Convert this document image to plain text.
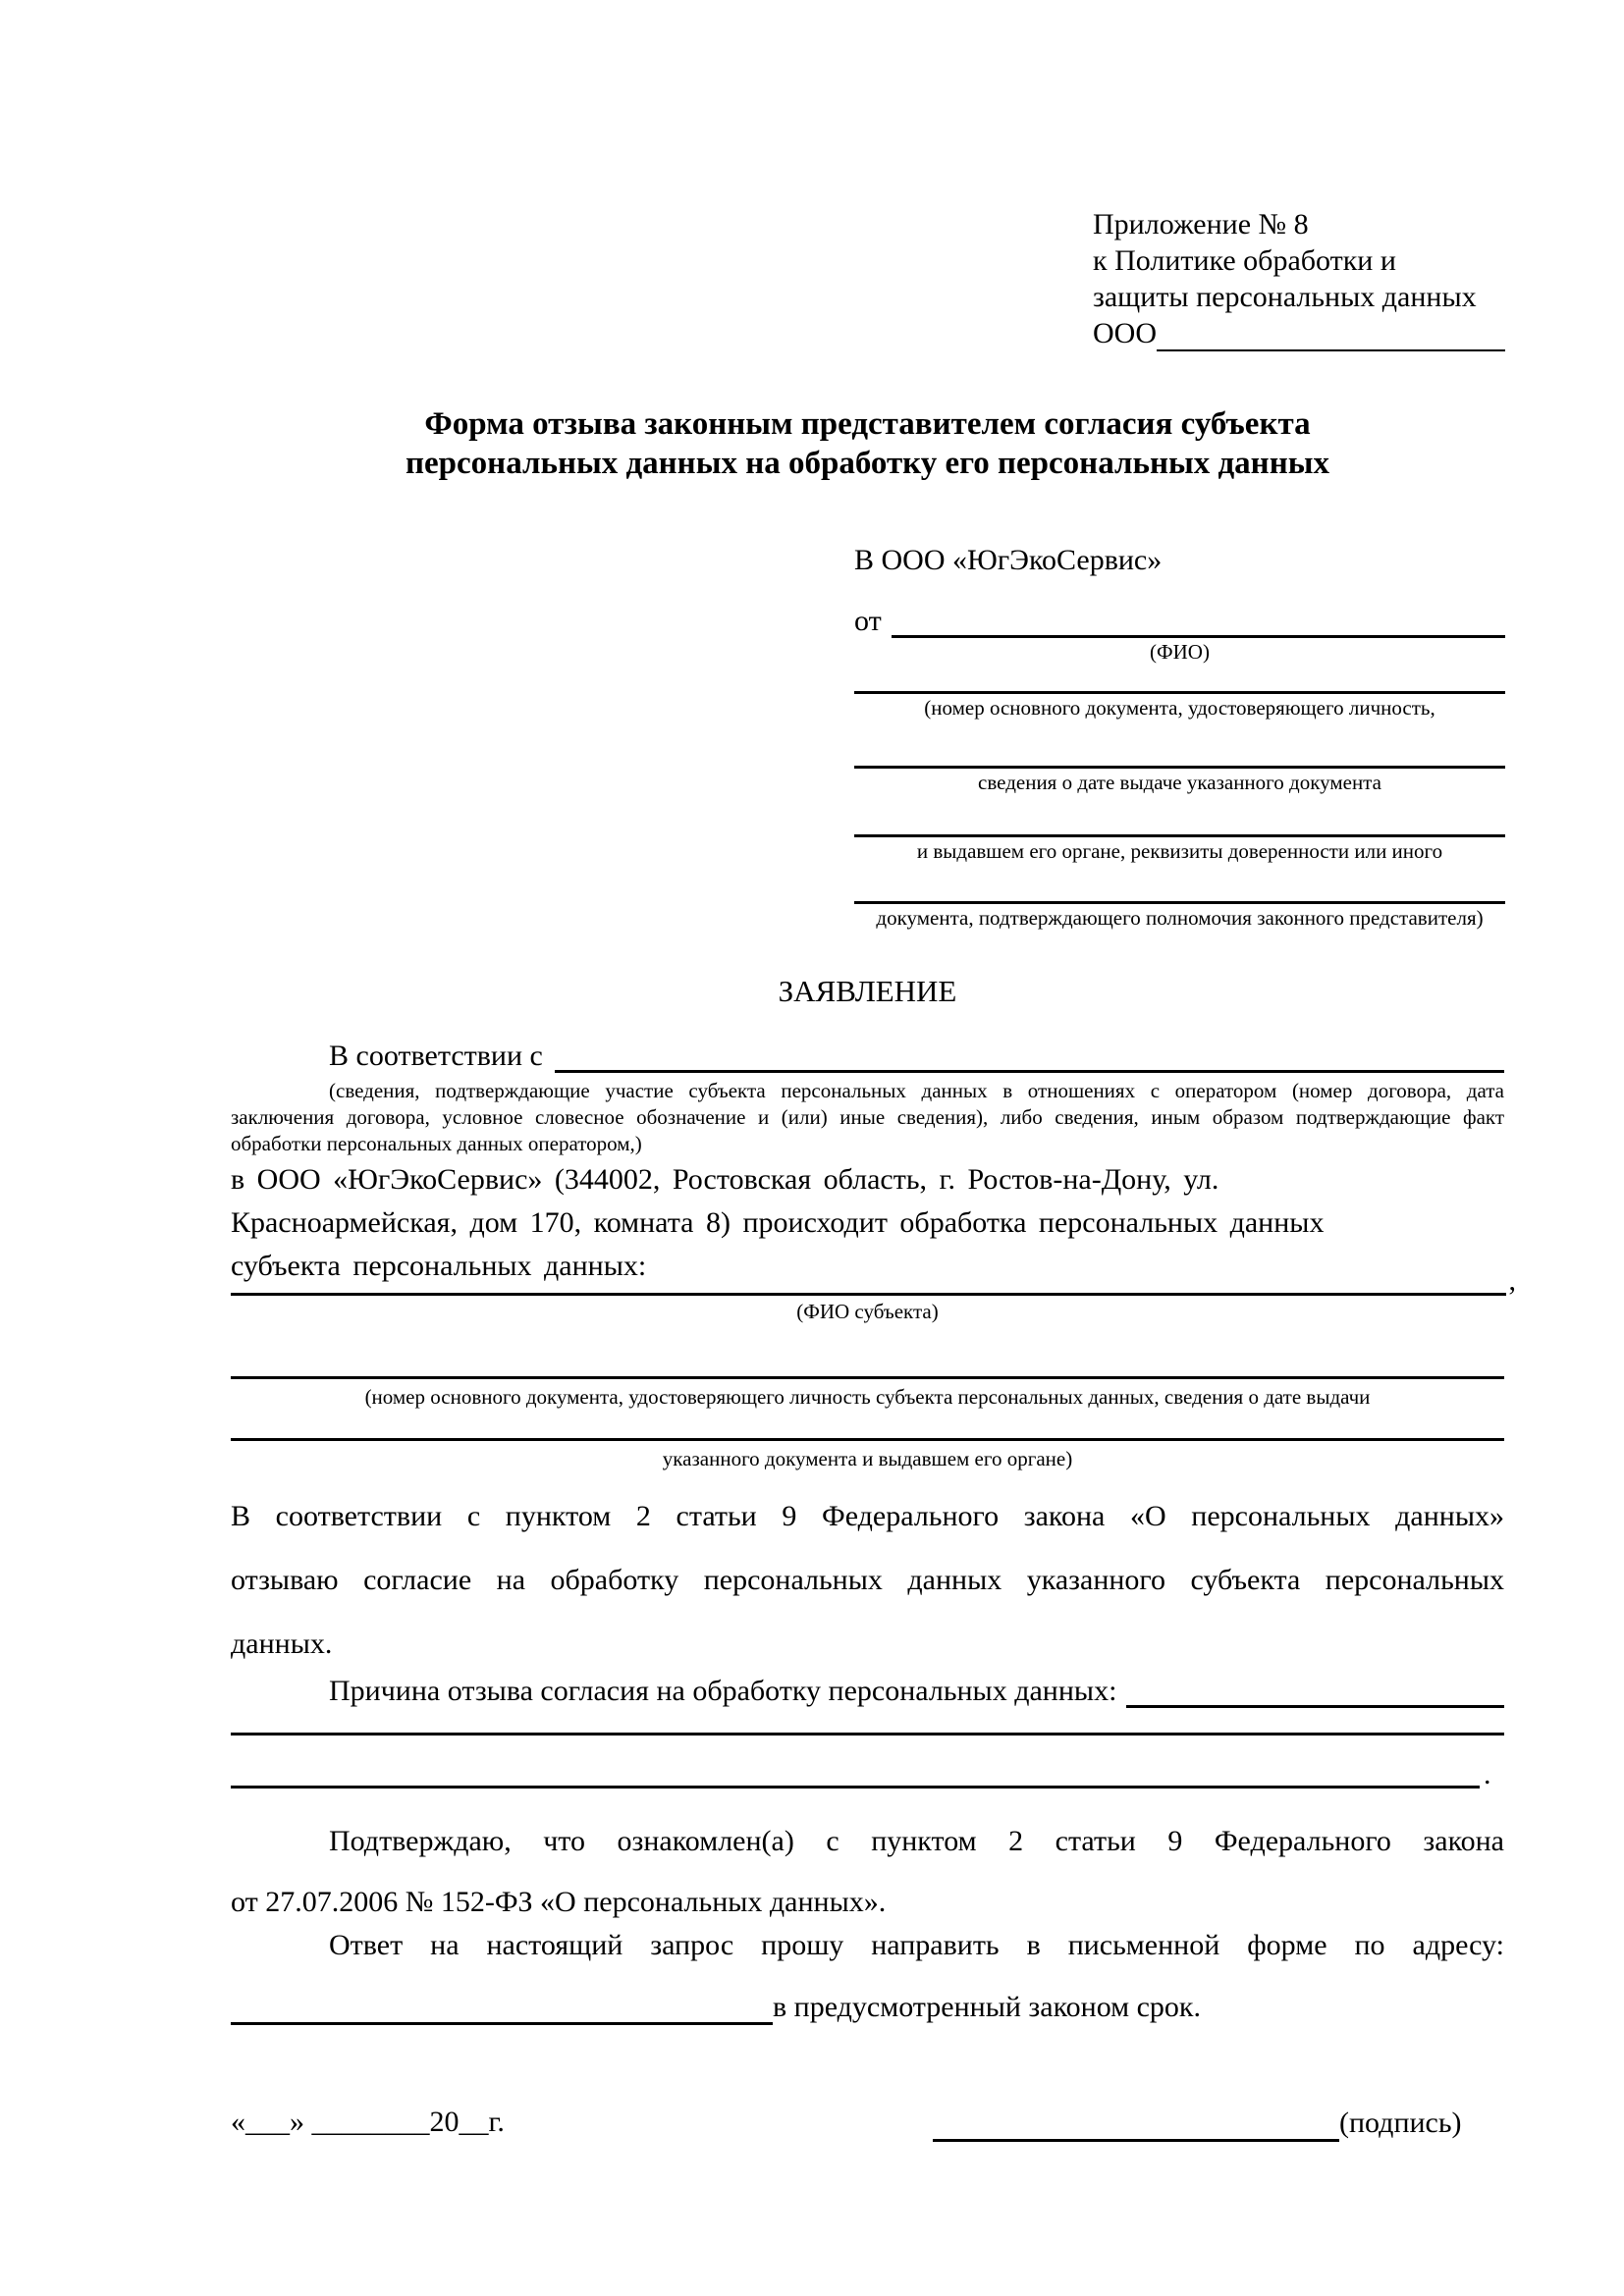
Приложение № 8
к Политике обработки и
защиты персональных данных
ООО
Форма отзыва законным представителем согласия субъекта
персональных данных на обработку его персональных данных
В ООО «ЮгЭкоСервис»
от
(ФИО)
(номер основного документа, удостоверяющего личность,
сведения о дате выдаче указанного документа
и выдавшем его органе, реквизиты доверенности или иного
документа, подтверждающего полномочия законного представителя)
ЗАЯВЛЕНИЕ
В соответствии с
(сведения, подтверждающие участие субъекта персональных данных в отношениях с оператором (номер договора, дата
заключения договора, условное словесное обозначение и (или) иные сведения), либо сведения, иным образом подтверждающие факт
обработки персональных данных оператором,)
в ООО «ЮгЭкоСервис» (344002, Ростовская область, г. Ростов-на-Дону, ул.
Красноармейская, дом 170, комната 8) происходит обработка персональных данных
субъекта персональных данных:	,
(ФИО субъекта)
(номер основного документа, удостоверяющего личность субъекта персональных данных, сведения о дате выдачи
указанного документа и выдавшем его органе)
В соответствии с пунктом 2 статьи 9 Федерального закона «О персональных данных»
отзываю согласие на обработку персональных данных указанного субъекта персональных
данных.
Причина отзыва согласия на обработку персональных данных:
.
Подтверждаю, что ознакомлен(а) с пунктом 2 статьи 9 Федерального закона
от 27.07.2006 № 152-ФЗ «О персональных данных».
Ответ на настоящий запрос прошу направить в письменной форме по адресу:
в предусмотренный законом срок.
«___» ________20__г.	(подпись)
